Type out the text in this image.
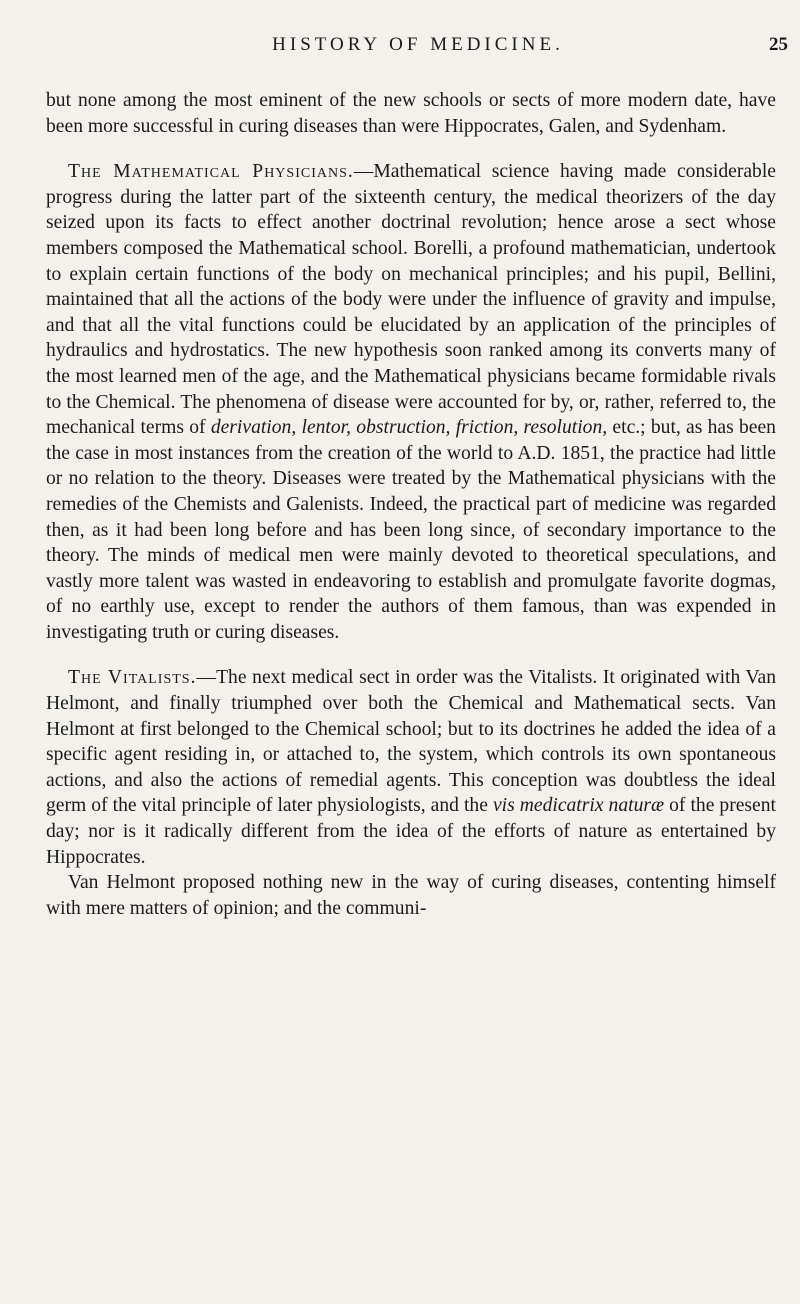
HISTORY OF MEDICINE.	25

but none among the most eminent of the new schools or sects of more modern date, have been more successful in curing diseases than were Hippocrates, Galen, and Sydenham.

The Mathematical Physicians.—Mathematical science having made considerable progress during the latter part of the sixteenth century, the medical theorizers of the day seized upon its facts to effect another doctrinal revolution; hence arose a sect whose members composed the Mathematical school. Borelli, a profound mathematician, undertook to explain certain functions of the body on mechanical principles; and his pupil, Bellini, maintained that all the actions of the body were under the influence of gravity and impulse, and that all the vital functions could be elucidated by an application of the principles of hydraulics and hydrostatics. The new hypothesis soon ranked among its converts many of the most learned men of the age, and the Mathematical physicians became formidable rivals to the Chemical. The phenomena of disease were accounted for by, or, rather, referred to, the mechanical terms of derivation, lentor, obstruction, friction, resolution, etc.; but, as has been the case in most instances from the creation of the world to A.D. 1851, the practice had little or no relation to the theory. Diseases were treated by the Mathematical physicians with the remedies of the Chemists and Galenists. Indeed, the practical part of medicine was regarded then, as it had been long before and has been long since, of secondary importance to the theory. The minds of medical men were mainly devoted to theoretical speculations, and vastly more talent was wasted in endeavoring to establish and promulgate favorite dogmas, of no earthly use, except to render the authors of them famous, than was expended in investigating truth or curing diseases.

The Vitalists.—The next medical sect in order was the Vitalists. It originated with Van Helmont, and finally triumphed over both the Chemical and Mathematical sects. Van Helmont at first belonged to the Chemical school; but to its doctrines he added the idea of a specific agent residing in, or attached to, the system, which controls its own spontaneous actions, and also the actions of remedial agents. This conception was doubtless the ideal germ of the vital principle of later physiologists, and the vis medicatrix naturæ of the present day; nor is it radically different from the idea of the efforts of nature as entertained by Hippocrates.

Van Helmont proposed nothing new in the way of curing diseases, contenting himself with mere matters of opinion; and the communi-
